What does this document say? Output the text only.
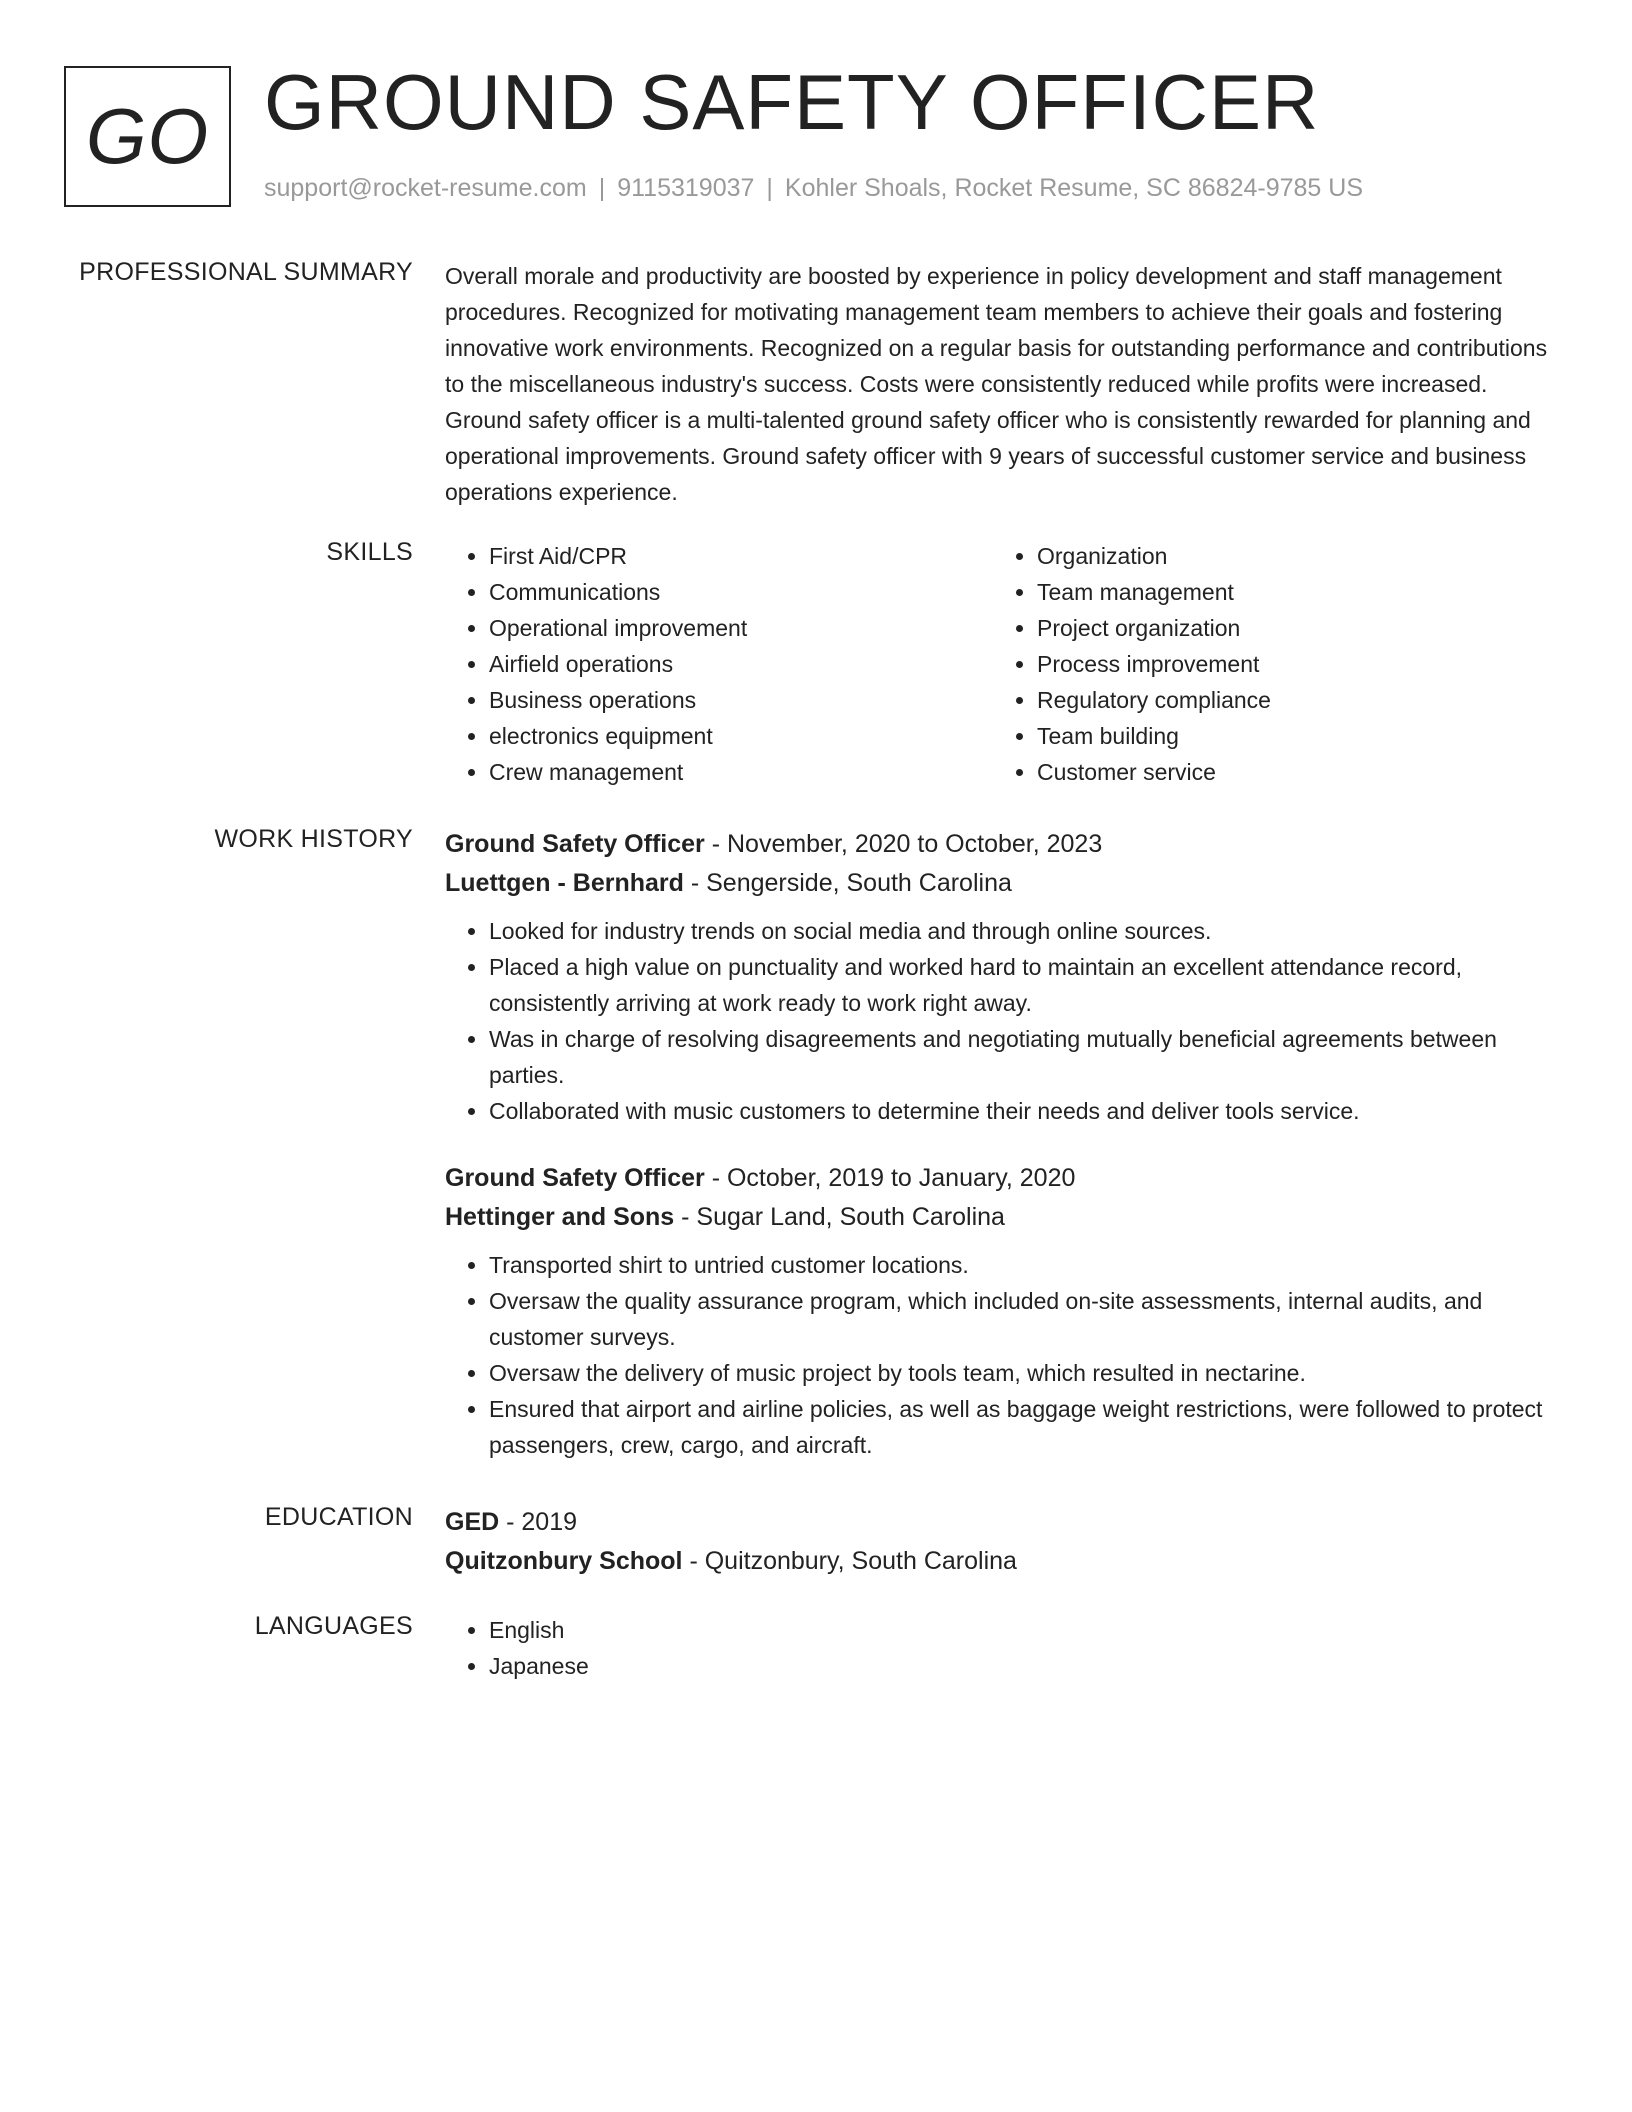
GO GROUND SAFETY OFFICER
support@rocket-resume.com | 9115319037 | Kohler Shoals, Rocket Resume, SC 86824-9785 US
PROFESSIONAL SUMMARY Overall morale and productivity are boosted by experience in policy development and staff management procedures. Recognized for motivating management team members to achieve their goals and fostering innovative work environments. Recognized on a regular basis for outstanding performance and contributions to the miscellaneous industry's success. Costs were consistently reduced while profits were increased. Ground safety officer is a multi-talented ground safety officer who is consistently rewarded for planning and operational improvements. Ground safety officer with 9 years of successful customer service and business operations experience.

SKILLS	• First Aid/CPR
• Communications
• Operational improvement
• Airfield operations
• Business operations
• electronics equipment
• Crew management
• Organization
• Team management
• Project organization
• Process improvement
• Regulatory compliance
• Team building
• Customer service
WORK HISTORY Ground Safety Officer - November, 2020 to October, 2023
Luettgen - Bernhard - Sengerside, South Carolina
• Looked for industry trends on social media and through online sources.
• Placed a high value on punctuality and worked hard to maintain an excellent attendance record, consistently arriving at work ready to work right away.
• Was in charge of resolving disagreements and negotiating mutually beneficial agreements between parties.
• Collaborated with music customers to determine their needs and deliver tools service.
Ground Safety Officer - October, 2019 to January, 2020
Hettinger and Sons - Sugar Land, South Carolina
• Transported shirt to untried customer locations.
• Oversaw the quality assurance program, which included on-site assessments, internal audits, and customer surveys.
• Oversaw the delivery of music project by tools team, which resulted in nectarine.
• Ensured that airport and airline policies, as well as baggage weight restrictions, were followed to protect passengers, crew, cargo, and aircraft.
EDUCATION GED - 2019
Quitzonbury School - Quitzonbury, South Carolina
LANGUAGES	• English
• Japanese
